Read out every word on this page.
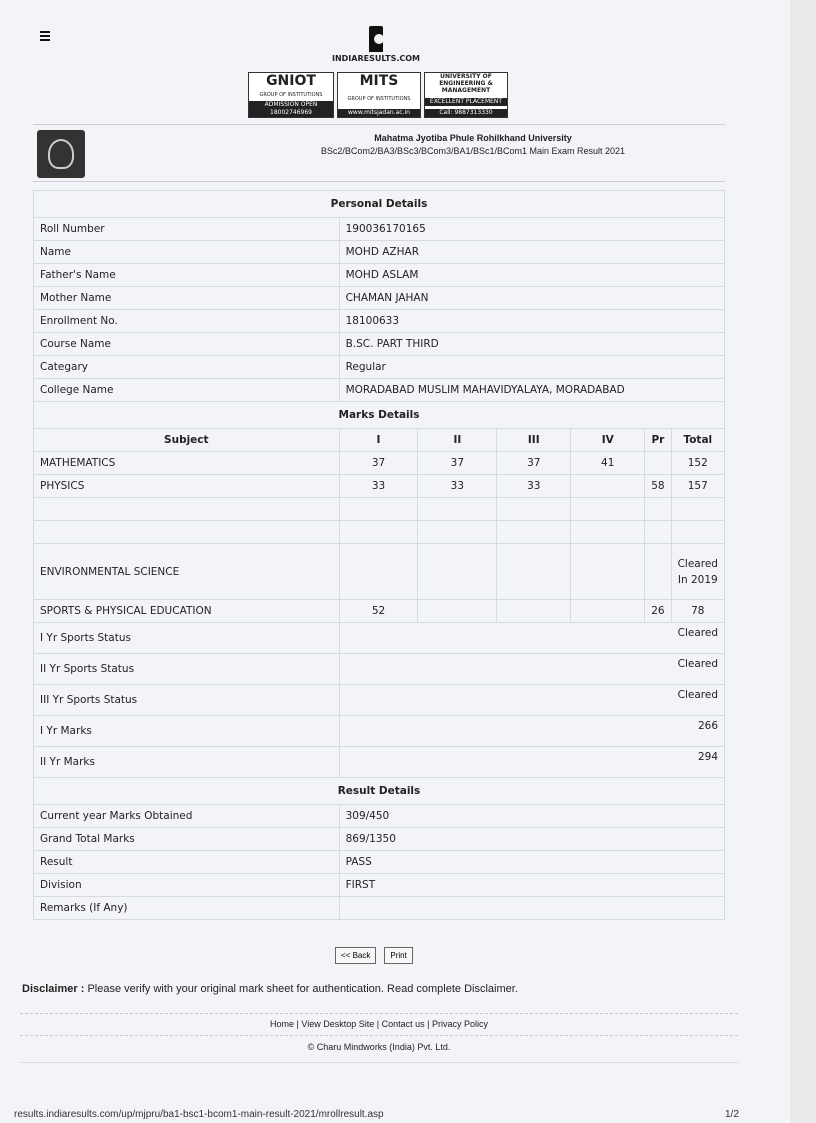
INDIARESULTS.COM
GNIOT
GROUP OF INSTITUTIONS
ADMISSION OPEN 18002746969
MITS
GROUP OF INSTITUTIONS
www.mitsjadan.ac.in
UNIVERSITY OF ENGINEERING & MANAGEMENT
EXCELLENT PLACEMENT
Call: 9887313330
Mahatma Jyotiba Phule Rohilkhand University
BSc2/BCom2/BA3/BSc3/BCom3/BA1/BSc1/BCom1 Main Exam Result 2021
Personal Details						
Roll Number	190036170165					
Name	MOHD AZHAR					
Father's Name	MOHD ASLAM					
Mother Name	CHAMAN JAHAN					
Enrollment No.	18100633					
Course Name	B.SC. PART THIRD					
Categary	Regular					
College Name	MORADABAD MUSLIM MAHAVIDYALAYA, MORADABAD					
Marks Details						
Subject	I	II	III	IV	Pr	Total
MATHEMATICS	37	37	37	41		152
PHYSICS	33	33	33		58	157

ENVIRONMENTAL SCIENCE						Cleared In 2019
SPORTS & PHYSICAL EDUCATION	52				26	78
I Yr Sports Status	Cleared					
II Yr Sports Status	Cleared					
III Yr Sports Status	Cleared					
I Yr Marks	266					
II Yr Marks	294					
Result Details						
Current year Marks Obtained	309/450					
Grand Total Marks	869/1350					
Result	PASS					
Division	FIRST					
Remarks (If Any)						
<< Back	Print
Disclaimer : Please verify with your original mark sheet for authentication. Read complete Disclaimer.
Home | View Desktop Site | Contact us | Privacy Policy
© Charu Mindworks (India) Pvt. Ltd.
results.indiaresults.com/up/mjpru/ba1-bsc1-bcom1-main-result-2021/mrollresult.asp	1/2
